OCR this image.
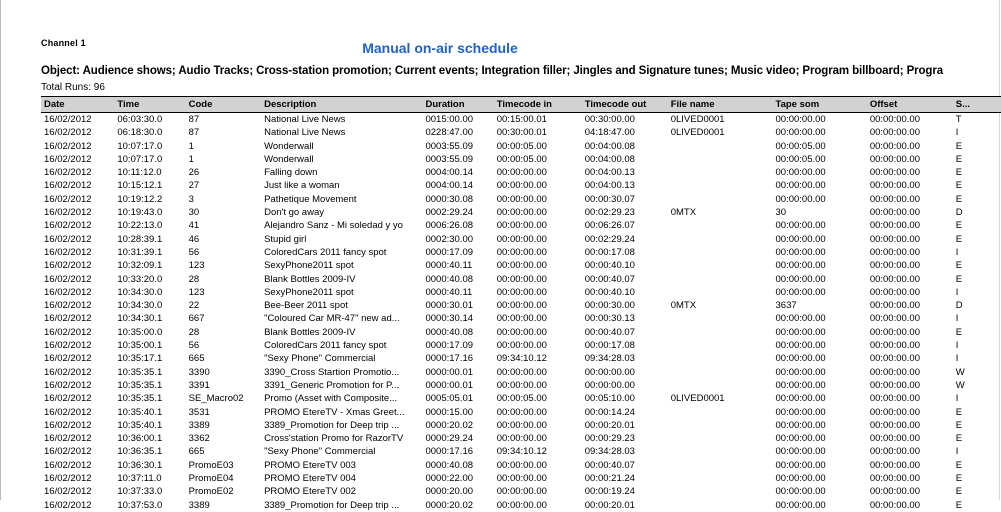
Channel 1	Manual on-air schedule
Object: Audience shows; Audio Tracks; Cross-station promotion; Current events; Integration filler; Jingles and Signature tunes; Music video; Program billboard; Progra
Total Runs: 96
Date	Time	Code	Description	Duration	Timecode in	Timecode out	File name	Tape som	Offset	S...
16/02/2012	06:03:30.0	87	National Live News	0015:00.00	00:15:00.01	00:30:00.00	0LIVED0001	00:00:00.00	00:00:00.00	T
16/02/2012	06:18:30.0	87	National Live News	0228:47.00	00:30:00.01	04:18:47.00	0LIVED0001	00:00:00.00	00:00:00.00	I
16/02/2012	10:07:17.0	1	Wonderwall	0003:55.09	00:00:05.00	00:04:00.08		00:00:05.00	00:00:00.00	E
16/02/2012	10:07:17.0	1	Wonderwall	0003:55.09	00:00:05.00	00:04:00.08		00:00:05.00	00:00:00.00	E
16/02/2012	10:11:12.0	26	Falling down	0004:00.14	00:00:00.00	00:04:00.13		00:00:00.00	00:00:00.00	E
16/02/2012	10:15:12.1	27	Just like a woman	0004:00.14	00:00:00.00	00:04:00.13		00:00:00.00	00:00:00.00	E
16/02/2012	10:19:12.2	3	Pathetique Movement	0000:30.08	00:00:00.00	00:00:30.07		00:00:00.00	00:00:00.00	E
16/02/2012	10:19:43.0	30	Don't go away	0002:29.24	00:00:00.00	00:02:29.23	0MTX	30	00:00:00.00	D
16/02/2012	10:22:13.0	41	Alejandro Sanz - Mi soledad y yo	0006:26.08	00:00:00.00	00:06:26.07		00:00:00.00	00:00:00.00	E
16/02/2012	10:28:39.1	46	Stupid girl	0002:30.00	00:00:00.00	00:02:29.24		00:00:00.00	00:00:00.00	E
16/02/2012	10:31:39.1	56	ColoredCars 2011 fancy spot	0000:17.09	00:00:00.00	00:00:17.08		00:00:00.00	00:00:00.00	I
16/02/2012	10:32:09.1	123	SexyPhone2011 spot	0000:40.11	00:00:00.00	00:00:40.10		00:00:00.00	00:00:00.00	E
16/02/2012	10:33:20.0	28	Blank Bottles 2009-IV	0000:40.08	00:00:00.00	00:00:40.07		00:00:00.00	00:00:00.00	E
16/02/2012	10:34:30.0	123	SexyPhone2011 spot	0000:40.11	00:00:00.00	00:00:40.10		00:00:00.00	00:00:00.00	I
16/02/2012	10:34:30.0	22	Bee-Beer 2011 spot	0000:30.01	00:00:00.00	00:00:30.00	0MTX	3637	00:00:00.00	D
16/02/2012	10:34:30.1	667	"Coloured Car MR-47" new ad...	0000:30.14	00:00:00.00	00:00:30.13		00:00:00.00	00:00:00.00	I
16/02/2012	10:35:00.0	28	Blank Bottles 2009-IV	0000:40.08	00:00:00.00	00:00:40.07		00:00:00.00	00:00:00.00	E
16/02/2012	10:35:00.1	56	ColoredCars 2011 fancy spot	0000:17.09	00:00:00.00	00:00:17.08		00:00:00.00	00:00:00.00	I
16/02/2012	10:35:17.1	665	"Sexy Phone" Commercial	0000:17.16	09:34:10.12	09:34:28.03		00:00:00.00	00:00:00.00	I
16/02/2012	10:35:35.1	3390	3390_Cross Startion Promotio...	0000:00.01	00:00:00.00	00:00:00.00		00:00:00.00	00:00:00.00	W
16/02/2012	10:35:35.1	3391	3391_Generic Promotion for P...	0000:00.01	00:00:00.00	00:00:00.00		00:00:00.00	00:00:00.00	W
16/02/2012	10:35:35.1	SE_Macro02	Promo (Asset with Composite...	0005:05.01	00:00:05.00	00:05:10.00	0LIVED0001	00:00:00.00	00:00:00.00	I
16/02/2012	10:35:40.1	3531	PROMO EtereTV - Xmas Greet...	0000:15.00	00:00:00.00	00:00:14.24		00:00:00.00	00:00:00.00	E
16/02/2012	10:35:40.1	3389	3389_Promotion for Deep trip ...	0000:20.02	00:00:00.00	00:00:20.01		00:00:00.00	00:00:00.00	E
16/02/2012	10:36:00.1	3362	Cross'station Promo for RazorTV	0000:29.24	00:00:00.00	00:00:29.23		00:00:00.00	00:00:00.00	E
16/02/2012	10:36:35.1	665	"Sexy Phone" Commercial	0000:17.16	09:34:10.12	09:34:28.03		00:00:00.00	00:00:00.00	I
16/02/2012	10:36:30.1	PromoE03	PROMO EtereTV 003	0000:40.08	00:00:00.00	00:00:40.07		00:00:00.00	00:00:00.00	E
16/02/2012	10:37:11.0	PromoE04	PROMO EtereTV 004	0000:22.00	00:00:00.00	00:00:21.24		00:00:00.00	00:00:00.00	E
16/02/2012	10:37:33.0	PromoE02	PROMO EtereTV 002	0000:20.00	00:00:00.00	00:00:19.24		00:00:00.00	00:00:00.00	E
16/02/2012	10:37:53.0	3389	3389_Promotion for Deep trip ...	0000:20.02	00:00:00.00	00:00:20.01		00:00:00.00	00:00:00.00	E
